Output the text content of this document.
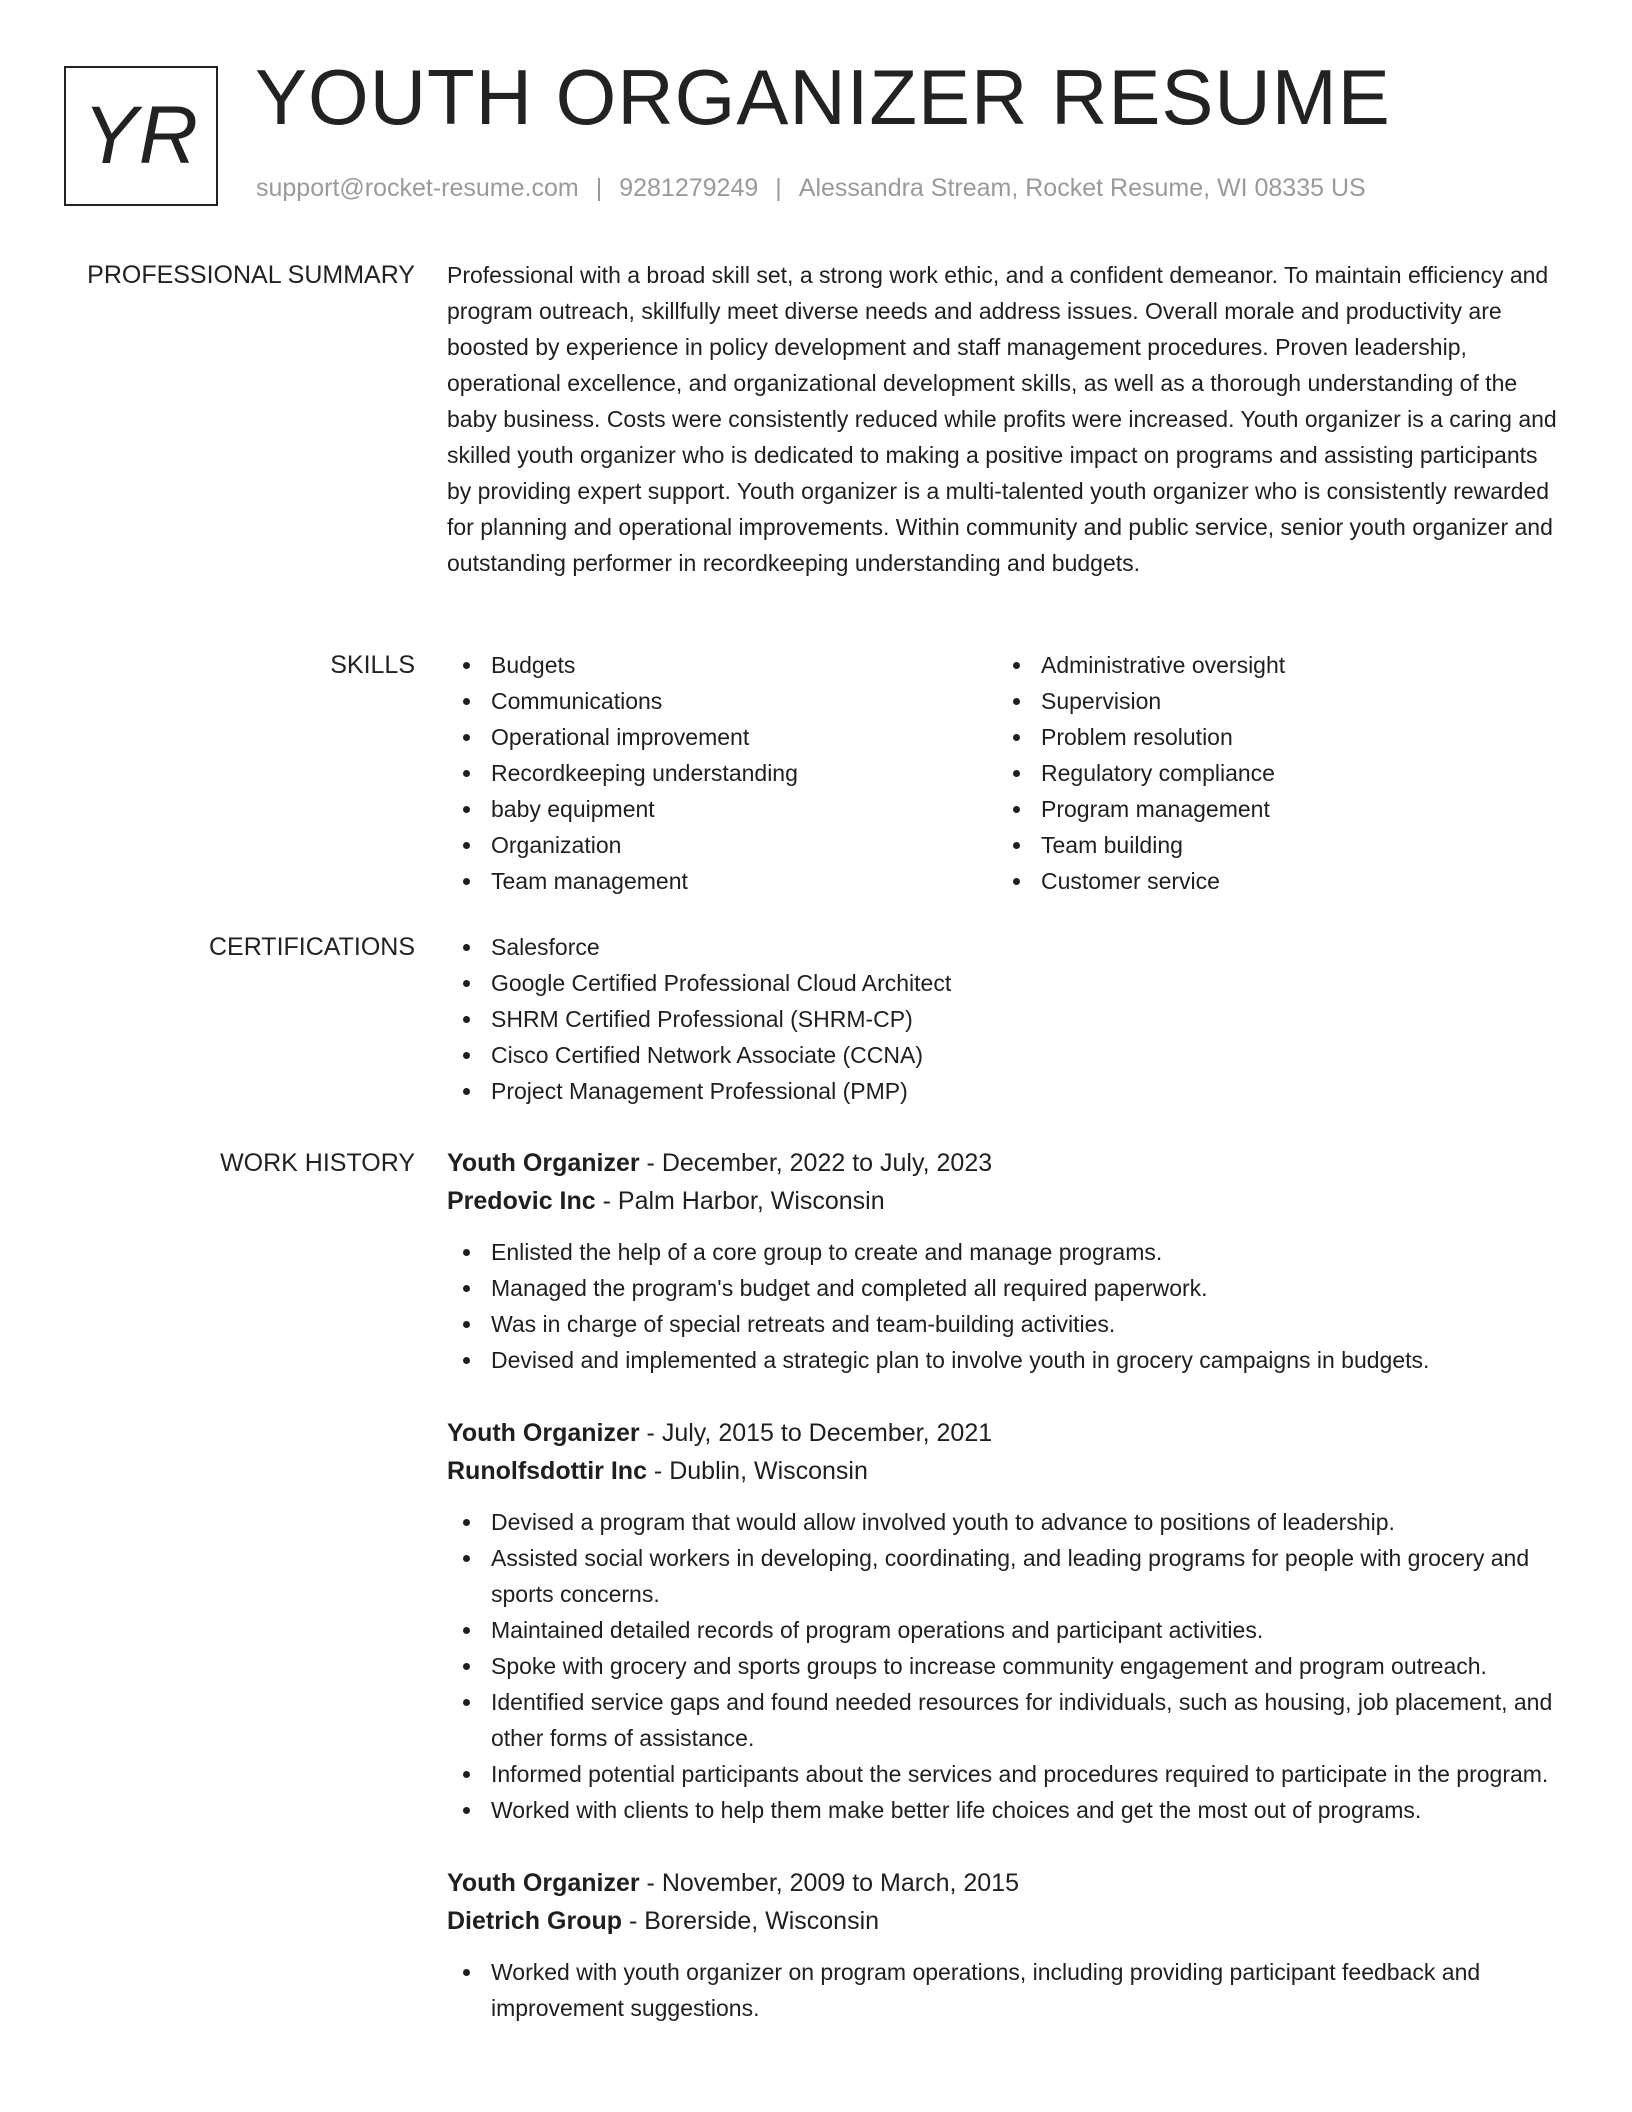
YR YOUTH ORGANIZER RESUME
support@rocket-resume.com | 9281279249 | Alessandra Stream, Rocket Resume, WI 08335 US
PROFESSIONAL SUMMARY Professional with a broad skill set, a strong work ethic, and a confident demeanor. To maintain efficiency and program outreach, skillfully meet diverse needs and address issues. Overall morale and productivity are boosted by experience in policy development and staff management procedures. Proven leadership, operational excellence, and organizational development skills, as well as a thorough understanding of the baby business. Costs were consistently reduced while profits were increased. Youth organizer is a caring and skilled youth organizer who is dedicated to making a positive impact on programs and assisting participants by providing expert support. Youth organizer is a multi-talented youth organizer who is consistently rewarded for planning and operational improvements. Within community and public service, senior youth organizer and outstanding performer in recordkeeping understanding and budgets.

SKILLS	Budgets
Communications
Operational improvement
Recordkeeping understanding
baby equipment
Organization
Team management
Administrative oversight
Supervision
Problem resolution
Regulatory compliance
Program management
Team building
Customer service
CERTIFICATIONS	Salesforce
Google Certified Professional Cloud Architect
SHRM Certified Professional (SHRM-CP)
Cisco Certified Network Associate (CCNA)
Project Management Professional (PMP)
WORK HISTORY Youth Organizer - December, 2022 to July, 2023
Predovic Inc - Palm Harbor, Wisconsin
Enlisted the help of a core group to create and manage programs.
Managed the program's budget and completed all required paperwork.
Was in charge of special retreats and team-building activities.
Devised and implemented a strategic plan to involve youth in grocery campaigns in budgets.
Youth Organizer - July, 2015 to December, 2021
Runolfsdottir Inc - Dublin, Wisconsin
Devised a program that would allow involved youth to advance to positions of leadership.
Assisted social workers in developing, coordinating, and leading programs for people with grocery and sports concerns.
Maintained detailed records of program operations and participant activities.
Spoke with grocery and sports groups to increase community engagement and program outreach.
Identified service gaps and found needed resources for individuals, such as housing, job placement, and other forms of assistance.
Informed potential participants about the services and procedures required to participate in the program.
Worked with clients to help them make better life choices and get the most out of programs.
Youth Organizer - November, 2009 to March, 2015
Dietrich Group - Borerside, Wisconsin
Worked with youth organizer on program operations, including providing participant feedback and improvement suggestions.
